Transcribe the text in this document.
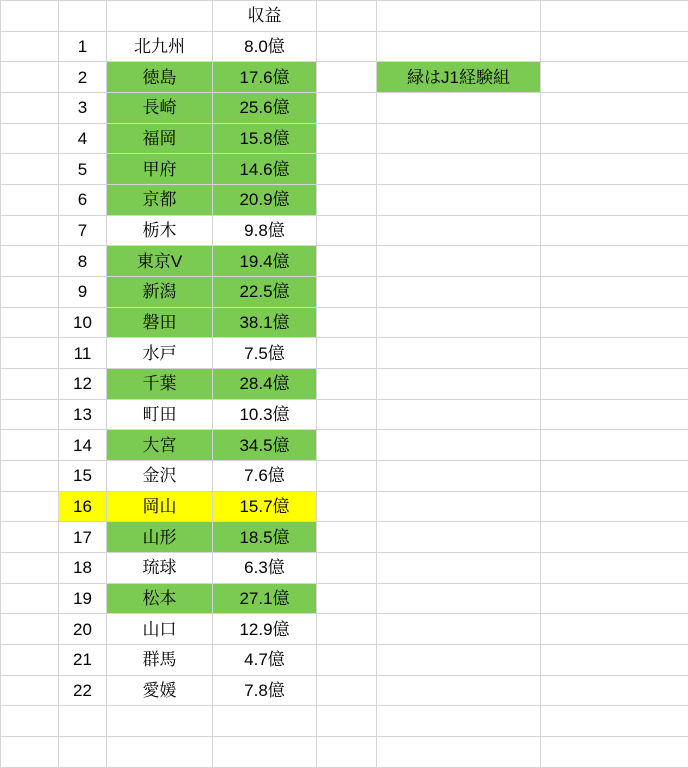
			収益			
	1	北九州	8.0億			
	2	徳島	17.6億		緑はJ1経験組	
	3	長崎	25.6億			
	4	福岡	15.8億			
	5	甲府	14.6億			
	6	京都	20.9億			
	7	栃木	9.8億			
	8	東京V	19.4億			
	9	新潟	22.5億			
	10	磐田	38.1億			
	11	水戸	7.5億			
	12	千葉	28.4億			
	13	町田	10.3億			
	14	大宮	34.5億			
	15	金沢	7.6億			
	16	岡山	15.7億			
	17	山形	18.5億			
	18	琉球	6.3億			
	19	松本	27.1億			
	20	山口	12.9億			
	21	群馬	4.7億			
	22	愛媛	7.8億			
